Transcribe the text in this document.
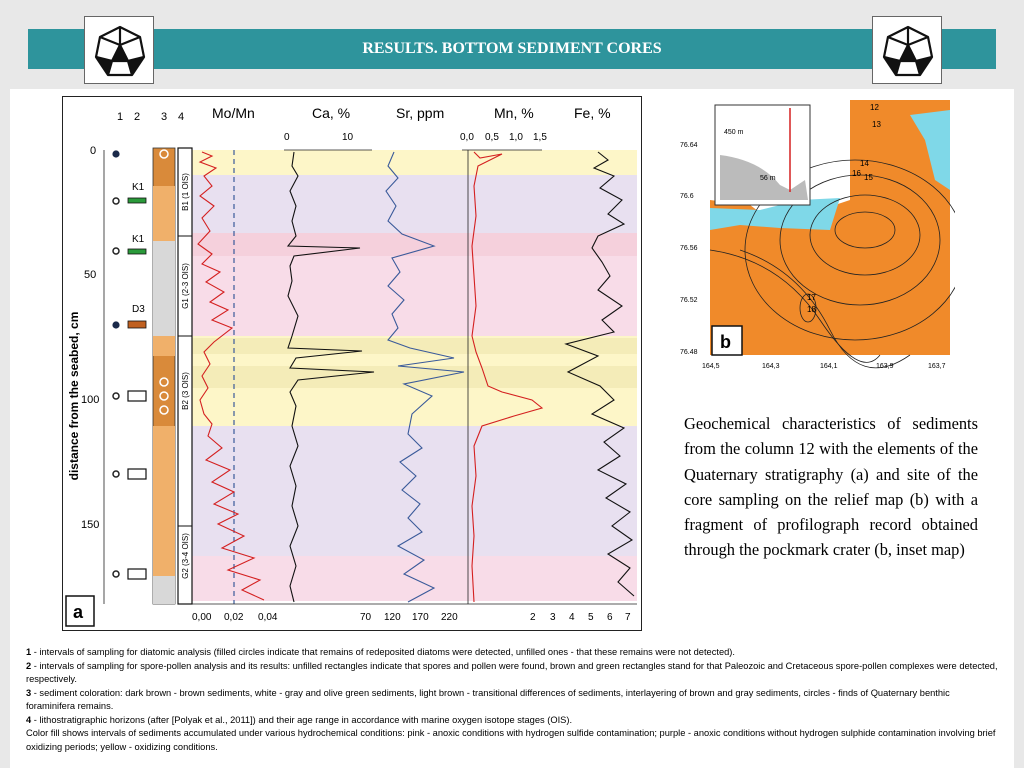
RESULTS. BOTTOM SEDIMENT CORES
1 2 3 4 Mo/Mn	Ca, %	Sr, ppm	Mn, %	Fe, %
0	10	0,0 0,5 1,0 1,5
distance from the seabed, cm
0
50
100
150
K1
K1
D3
B1 (1 OIS)
G1 (2-3 OIS)
B2 (3 OIS)
G2 (3-4 OIS)
0,00 0,02 0,04	70 120 170 220	2 3 4 5 6 7
a
450 m
56 m
12
13
14
16 15
17
18
76.64
76.6
76.56
76.52
76.48
164,5	164,3	164,1	163,9	163,7
b
Geochemical characteristics of sediments from the column 12 with the elements of the Quaternary stratigraphy (a) and site of the core sampling on the relief map (b) with a fragment of profilograph record obtained through the pockmark crater (b, inset map)

1 - intervals of sampling for diatomic analysis (filled circles indicate that remains of redeposited diatoms were detected, unfilled ones - that these remains were not detected).

2 - intervals of sampling for spore-pollen analysis and its results: unfilled rectangles indicate that spores and pollen were found, brown and green rectangles stand for that Paleozoic and Cretaceous spore-pollen complexes were detected, respectively.

3 - sediment coloration: dark brown - brown sediments, white - gray and olive green sediments, light brown - transitional differences of sediments, interlayering of brown and gray sediments, circles - finds of Quaternary benthic foraminifera remains.

4 - lithostratigraphic horizons (after [Polyak et al., 2011]) and their age range in accordance with marine oxygen isotope stages (OIS).

Color fill shows intervals of sediments accumulated under various hydrochemical conditions: pink - anoxic conditions with hydrogen sulfide contamination; purple - anoxic conditions without hydrogen sulphide contamination involving brief oxidizing periods; yellow - oxidizing conditions.
